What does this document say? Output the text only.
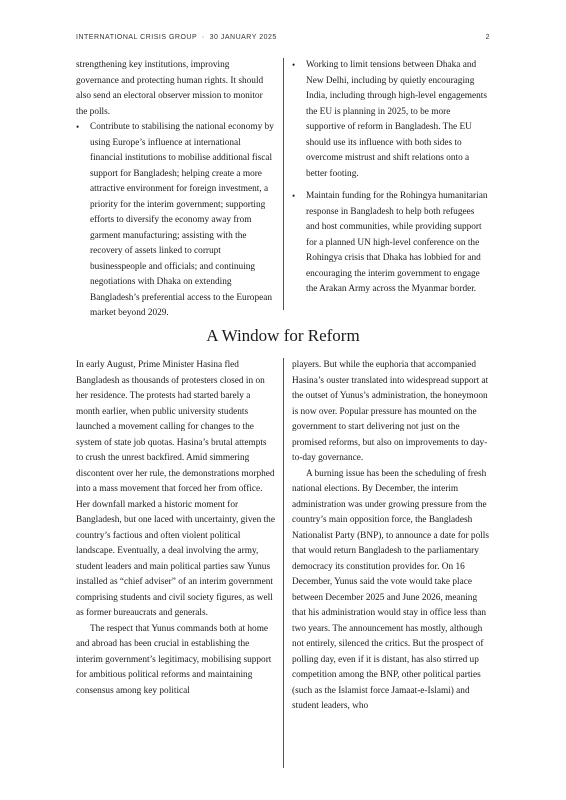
INTERNATIONAL CRISIS GROUP · 30 JANUARY 2025	2

strengthening key institutions, improving governance and protecting human rights. It should also send an electoral observer mission to monitor the polls.

• Contribute to stabilising the national economy by using Europe’s influence at international financial institutions to mobilise additional fiscal support for Bangladesh; helping create a more attractive environment for foreign investment, a priority for the interim government; supporting efforts to diversify the economy away from garment manufacturing; assisting with the recovery of assets linked to corrupt businesspeople and officials; and continuing negotiations with Dhaka on extending Bangladesh’s preferential access to the European market beyond 2029.
• Working to limit tensions between Dhaka and New Delhi, including by quietly encouraging India, including through high-level engagements the EU is planning in 2025, to be more supportive of reform in Bangladesh. The EU should use its influence with both sides to overcome mistrust and shift relations onto a better footing.
• Maintain funding for the Rohingya humanitarian response in Bangladesh to help both refugees and host communities, while providing support for a planned UN high-level conference on the Rohingya crisis that Dhaka has lobbied for and encouraging the interim government to engage the Arakan Army across the Myanmar border.
A Window for Reform

In early August, Prime Minister Hasina fled Bangladesh as thousands of protesters closed in on her residence. The protests had started barely a month earlier, when public university students launched a movement calling for changes to the system of state job quotas. Hasina’s brutal attempts to crush the unrest backfired. Amid simmering discontent over her rule, the demonstrations morphed into a mass movement that forced her from office. Her downfall marked a historic moment for Bangladesh, but one laced with uncertainty, given the country’s factious and often violent political landscape. Eventually, a deal involving the army, student leaders and main political parties saw Yunus installed as “chief adviser” of an interim government comprising students and civil society figures, as well as former bureaucrats and generals.

The respect that Yunus commands both at home and abroad has been crucial in establishing the interim government’s legitimacy, mobilising support for ambitious political reforms and maintaining consensus among key political

players. But while the euphoria that accompanied Hasina’s ouster translated into widespread support at the outset of Yunus’s administration, the honeymoon is now over. Popular pressure has mounted on the government to start delivering not just on the promised reforms, but also on improvements to day-to-day governance.

A burning issue has been the scheduling of fresh national elections. By December, the interim administration was under growing pressure from the country’s main opposition force, the Bangladesh Nationalist Party (BNP), to announce a date for polls that would return Bangladesh to the parliamentary democracy its constitution provides for. On 16 December, Yunus said the vote would take place between December 2025 and June 2026, meaning that his administration would stay in office less than two years. The announcement has mostly, although not entirely, silenced the critics. But the prospect of polling day, even if it is distant, has also stirred up competition among the BNP, other political parties (such as the Islamist force Jamaat-e-Islami) and student leaders, who
